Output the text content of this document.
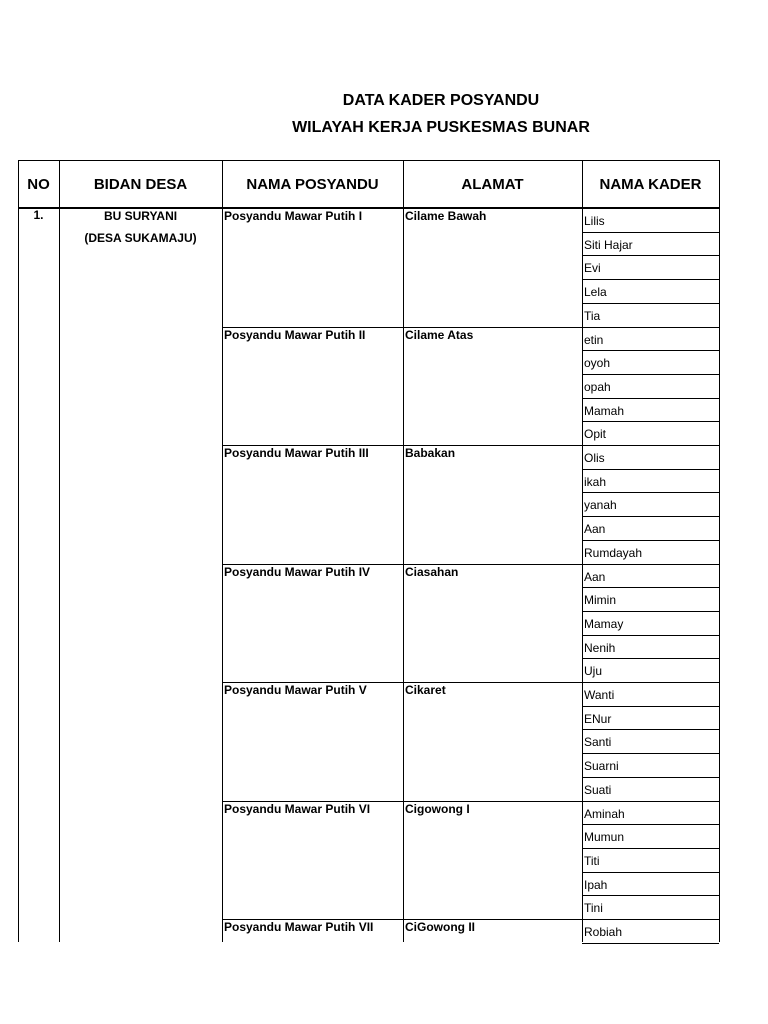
DATA KADER POSYANDU
WILAYAH KERJA PUSKESMAS BUNAR
NO	BIDAN DESA	NAMA POSYANDU	ALAMAT	NAMA KADER
1.	BU SURYANI
(DESA SUKAMAJU)
Posyandu Mawar Putih I	Cilame Bawah	Lilis
Siti Hajar
Evi
Lela
Tia
Posyandu Mawar Putih II	Cilame Atas	etin
oyoh
opah
Mamah
Opit
Posyandu Mawar Putih III	Babakan	Olis
ikah
yanah
Aan
Rumdayah
Posyandu Mawar Putih IV	Ciasahan	Aan
Mimin
Mamay
Nenih
Uju
Posyandu Mawar Putih V	Cikaret	Wanti
ENur
Santi
Suarni
Suati
Posyandu Mawar Putih VI	Cigowong I	Aminah
Mumun
Titi
Ipah
Tini
Posyandu Mawar Putih VII	CiGowong II	Robiah
